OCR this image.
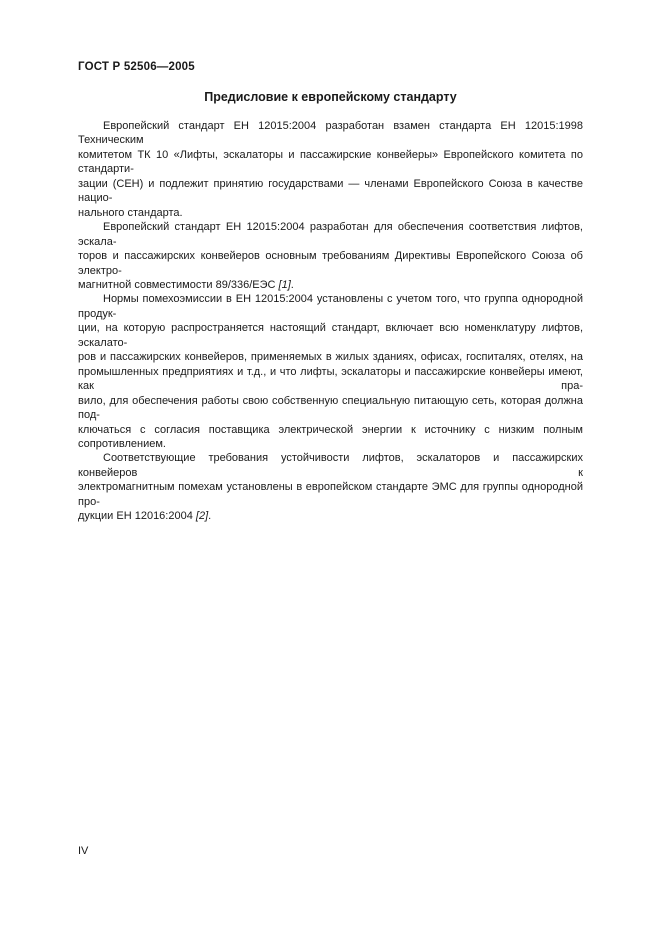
ГОСТ Р 52506—2005
Предисловие к европейскому стандарту
Европейский стандарт ЕН 12015:2004 разработан взамен стандарта ЕН 12015:1998 Техническим
комитетом ТК 10 «Лифты, эскалаторы и пассажирские конвейеры» Европейского комитета по стандарти-
зации (СЕН) и подлежит принятию государствами — членами Европейского Союза в качестве нацио-
нального стандарта.
Европейский стандарт ЕН 12015:2004 разработан для обеспечения соответствия лифтов, эскала-
торов и пассажирских конвейеров основным требованиям Директивы Европейского Союза об электро-
магнитной совместимости 89/336/ЕЭС [1].
Нормы помехоэмиссии в ЕН 12015:2004 установлены с учетом того, что группа однородной продук-
ции, на которую распространяется настоящий стандарт, включает всю номенклатуру лифтов, эскалато-
ров и пассажирских конвейеров, применяемых в жилых зданиях, офисах, госпиталях, отелях, на
промышленных предприятиях и т.д., и что лифты, эскалаторы и пассажирские конвейеры имеют, как пра-
вило, для обеспечения работы свою собственную специальную питающую сеть, которая должна под-
ключаться с согласия поставщика электрической энергии к источнику с низким полным сопротивлением.
Соответствующие требования устойчивости лифтов, эскалаторов и пассажирских конвейеров к
электромагнитным помехам установлены в европейском стандарте ЭМС для группы однородной про-
дукции ЕН 12016:2004 [2].
IV
